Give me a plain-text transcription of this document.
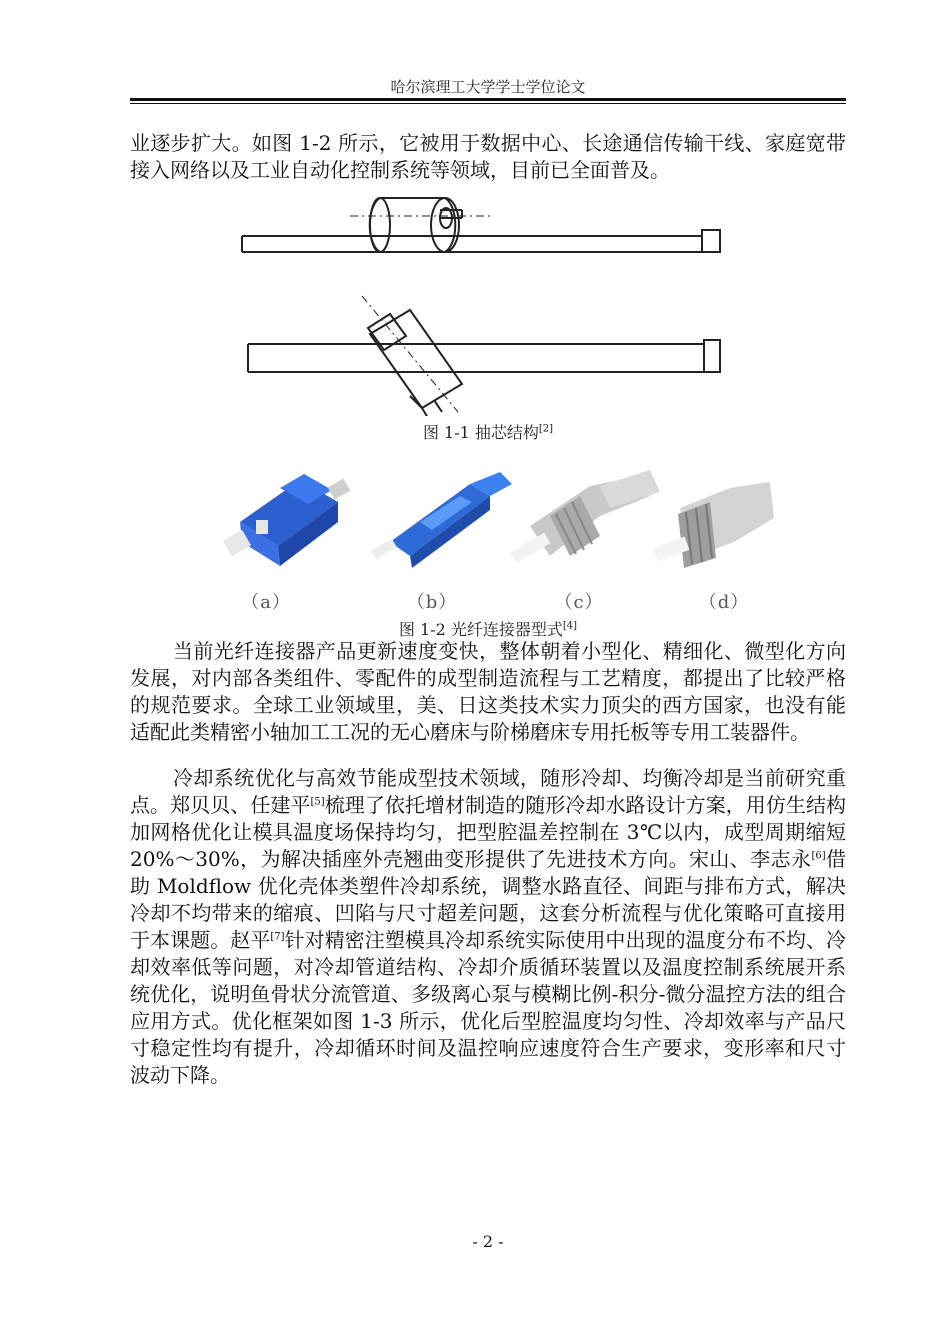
哈尔滨理工大学学士学位论文

业逐步扩大。如图 1-2 所示，它被用于数据中心、长途通信传输干线、家庭宽带接入网络以及工业自动化控制系统等领域，目前已全面普及。

图 1-1 抽芯结构[2]
（a）	（b）	（c）	（d）
图 1-2 光纤连接器型式[4]

当前光纤连接器产品更新速度变快，整体朝着小型化、精细化、微型化方向发展，对内部各类组件、零配件的成型制造流程与工艺精度，都提出了比较严格的规范要求。全球工业领域里，美、日这类技术实力顶尖的西方国家，也没有能适配此类精密小轴加工工况的无心磨床与阶梯磨床专用托板等专用工装器件。

冷却系统优化与高效节能成型技术领域，随形冷却、均衡冷却是当前研究重点。郑贝贝、任建平[5]梳理了依托增材制造的随形冷却水路设计方案，用仿生结构加网格优化让模具温度场保持均匀，把型腔温差控制在 3℃以内，成型周期缩短 20%～30%，为解决插座外壳翘曲变形提供了先进技术方向。宋山、李志永[6]借助 Moldflow 优化壳体类塑件冷却系统，调整水路直径、间距与排布方式，解决冷却不均带来的缩痕、凹陷与尺寸超差问题，这套分析流程与优化策略可直接用于本课题。赵平[7]针对精密注塑模具冷却系统实际使用中出现的温度分布不均、冷却效率低等问题，对冷却管道结构、冷却介质循环装置以及温度控制系统展开系统优化，说明鱼骨状分流管道、多级离心泵与模糊比例-积分-微分温控方法的组合应用方式。优化框架如图 1-3 所示，优化后型腔温度均匀性、冷却效率与产品尺寸稳定性均有提升，冷却循环时间及温控响应速度符合生产要求，变形率和尺寸波动下降。

- 2 -
